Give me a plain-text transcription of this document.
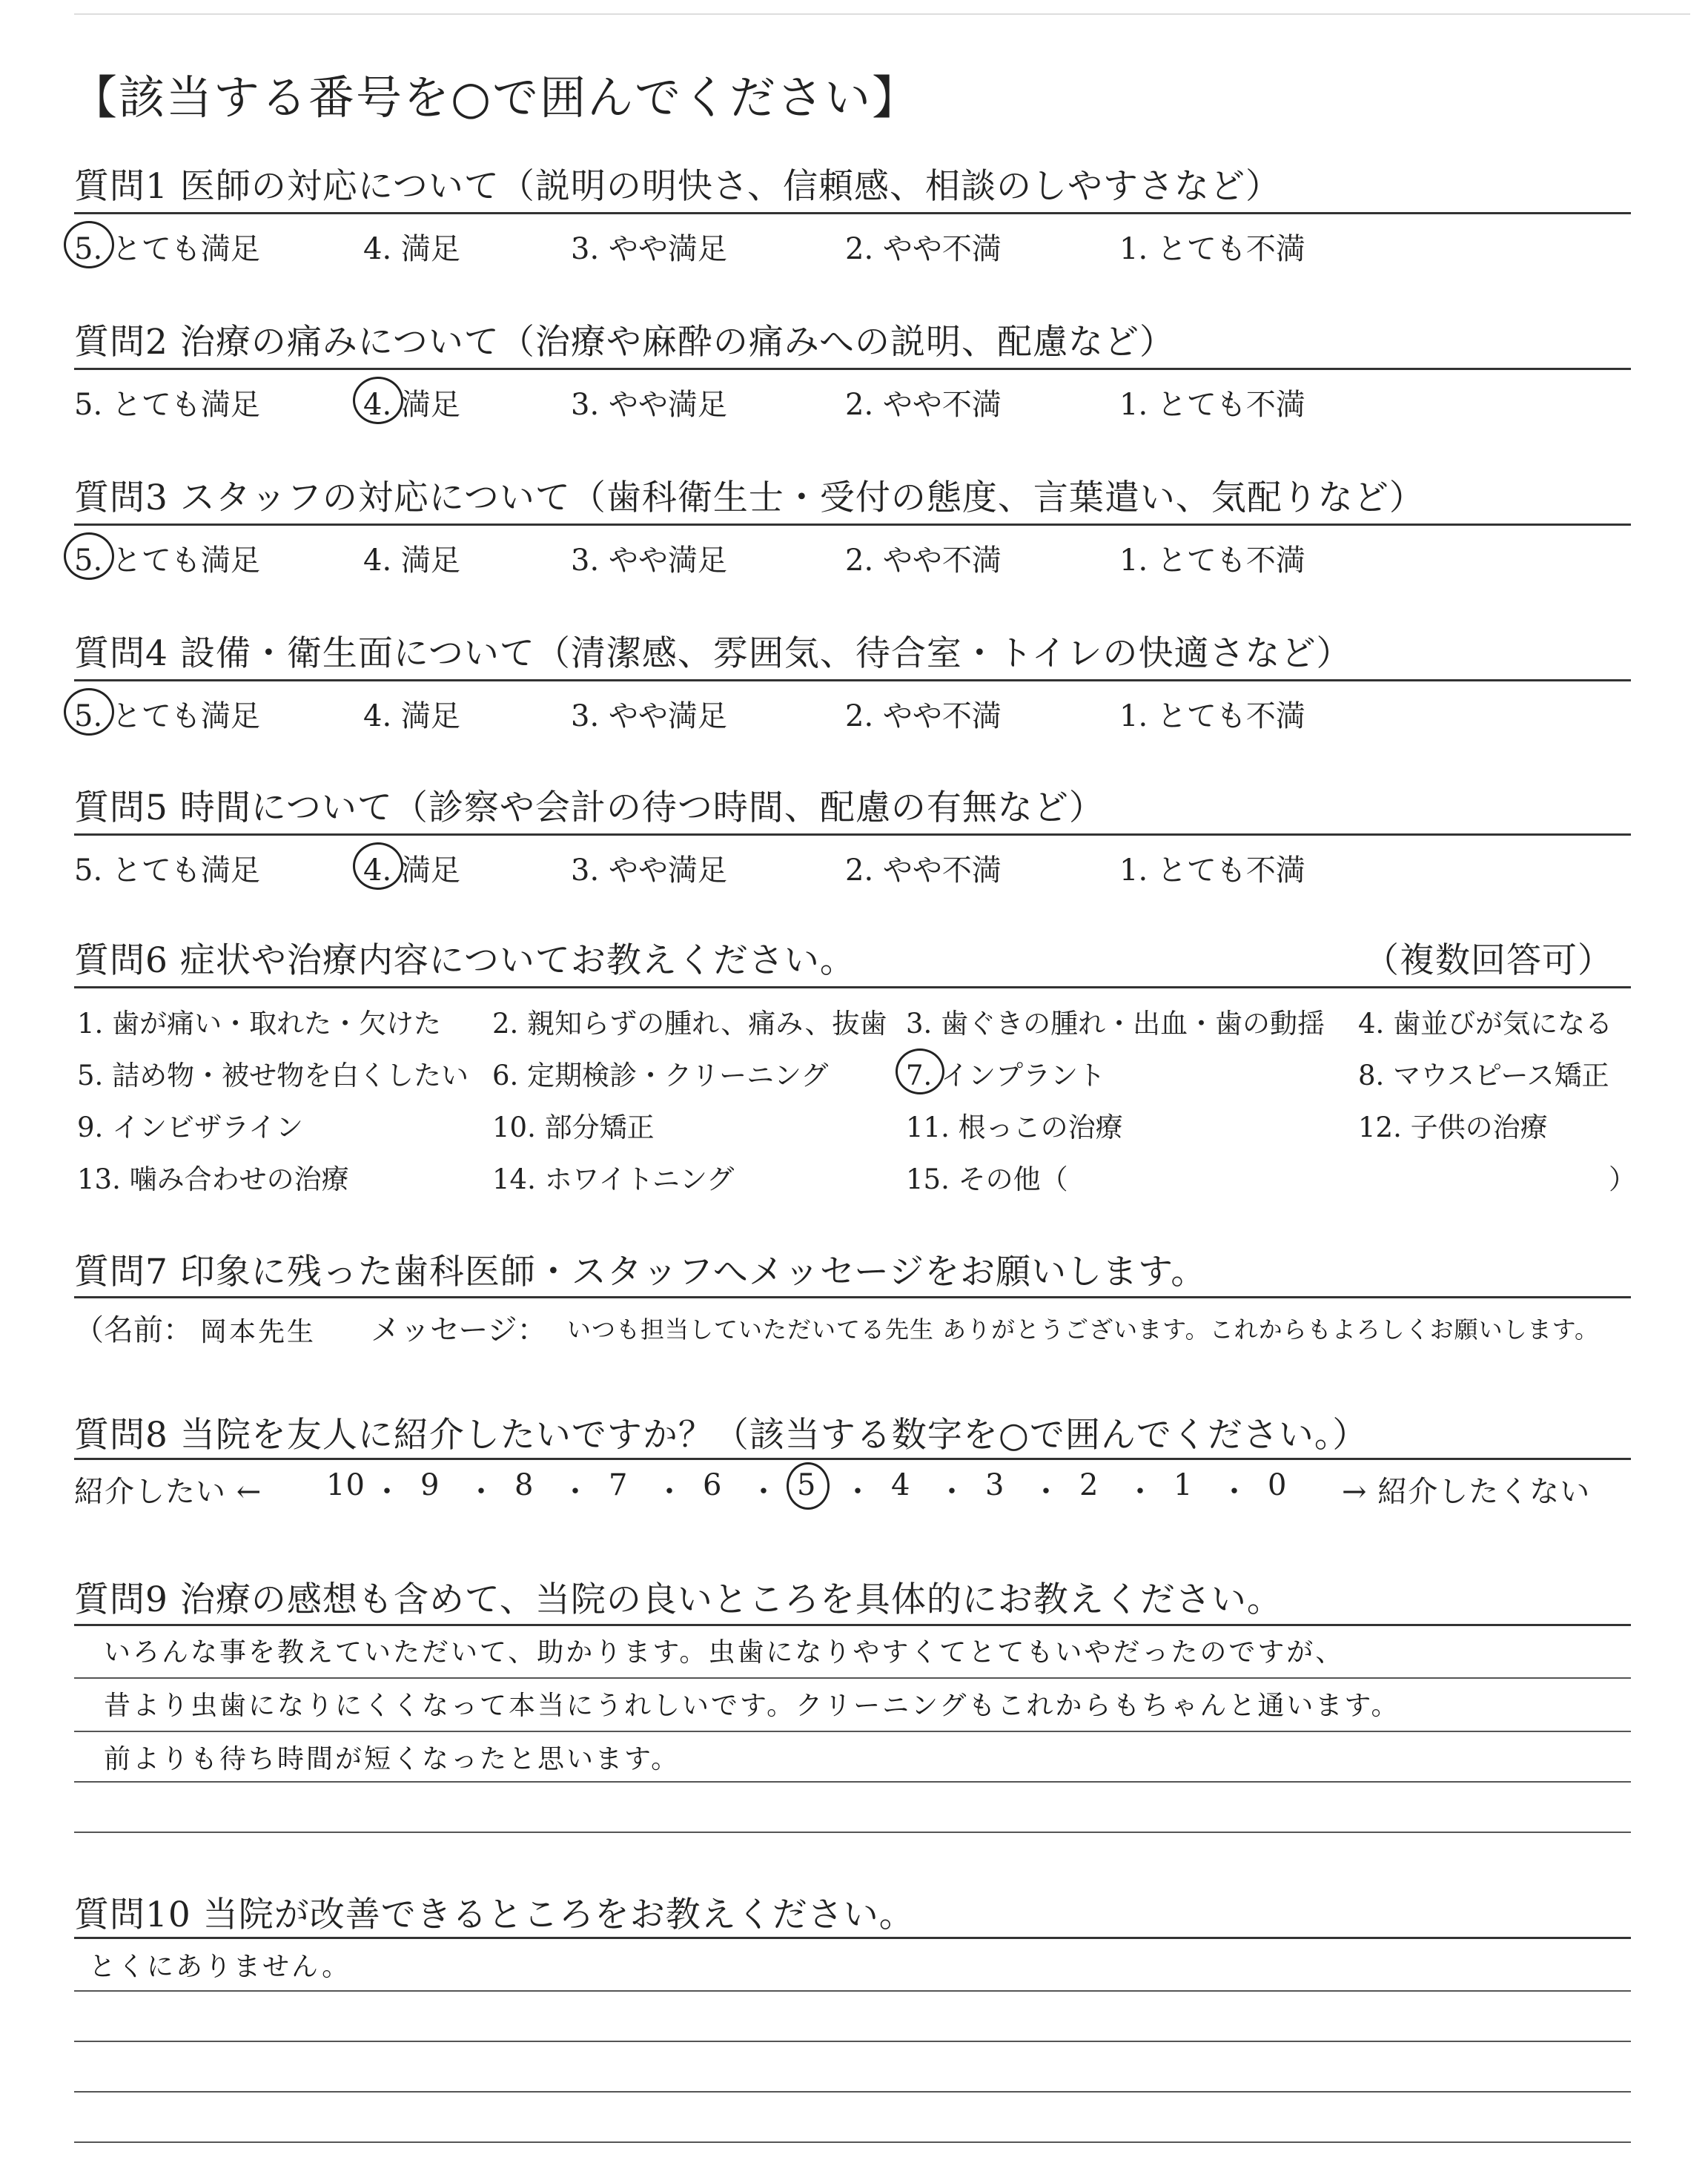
【該当する番号を○で囲んでください】
質問1 医師の対応について（説明の明快さ、信頼感、相談のしやすさなど）
5. とても満足	4. 満足	3. やや満足	2. やや不満	1. とても不満
質問2 治療の痛みについて（治療や麻酔の痛みへの説明、配慮など）
5. とても満足	4. 満足	3. やや満足	2. やや不満	1. とても不満
質問3 スタッフの対応について（歯科衛生士・受付の態度、言葉遣い、気配りなど）
5. とても満足	4. 満足	3. やや満足	2. やや不満	1. とても不満
質問4 設備・衛生面について（清潔感、雰囲気、待合室・トイレの快適さなど）
5. とても満足	4. 満足	3. やや満足	2. やや不満	1. とても不満
質問5 時間について（診察や会計の待つ時間、配慮の有無など）
5. とても満足	4. 満足	3. やや満足	2. やや不満	1. とても不満
質問6 症状や治療内容についてお教えください。	（複数回答可）
1. 歯が痛い・取れた・欠けた 2. 親知らずの腫れ、痛み、抜歯 3. 歯ぐきの腫れ・出血・歯の動揺 4. 歯並びが気になる
5. 詰め物・被せ物を白くしたい 6. 定期検診・クリーニング	7. インプラント	8. マウスピース矯正
9. インビザライン	10. 部分矯正	11. 根っこの治療	12. 子供の治療
13. 噛み合わせの治療	14. ホワイトニング	15. その他（	）
質問7 印象に残った歯科医師・スタッフへメッセージをお願いします。
（名前： 岡本先生 メッセージ： いつも担当していただいてる先生 ありがとうございます。これからもよろしくお願いします。
質問8 当院を友人に紹介したいですか？（該当する数字を○で囲んでください。）
紹介したい ← 10 ・ 9 ・ 8 ・ 7 ・ 6 ・ 5 ・ 4 ・ 3 ・ 2 ・ 1 ・ 0 → 紹介したくない
質問9 治療の感想も含めて、当院の良いところを具体的にお教えください。
いろんな事を教えていただいて、助かります。虫歯になりやすくてとてもいやだったのですが、
昔より虫歯になりにくくなって本当にうれしいです。クリーニングもこれからもちゃんと通います。
前よりも待ち時間が短くなったと思います。
質問10 当院が改善できるところをお教えください。
とくにありません。
